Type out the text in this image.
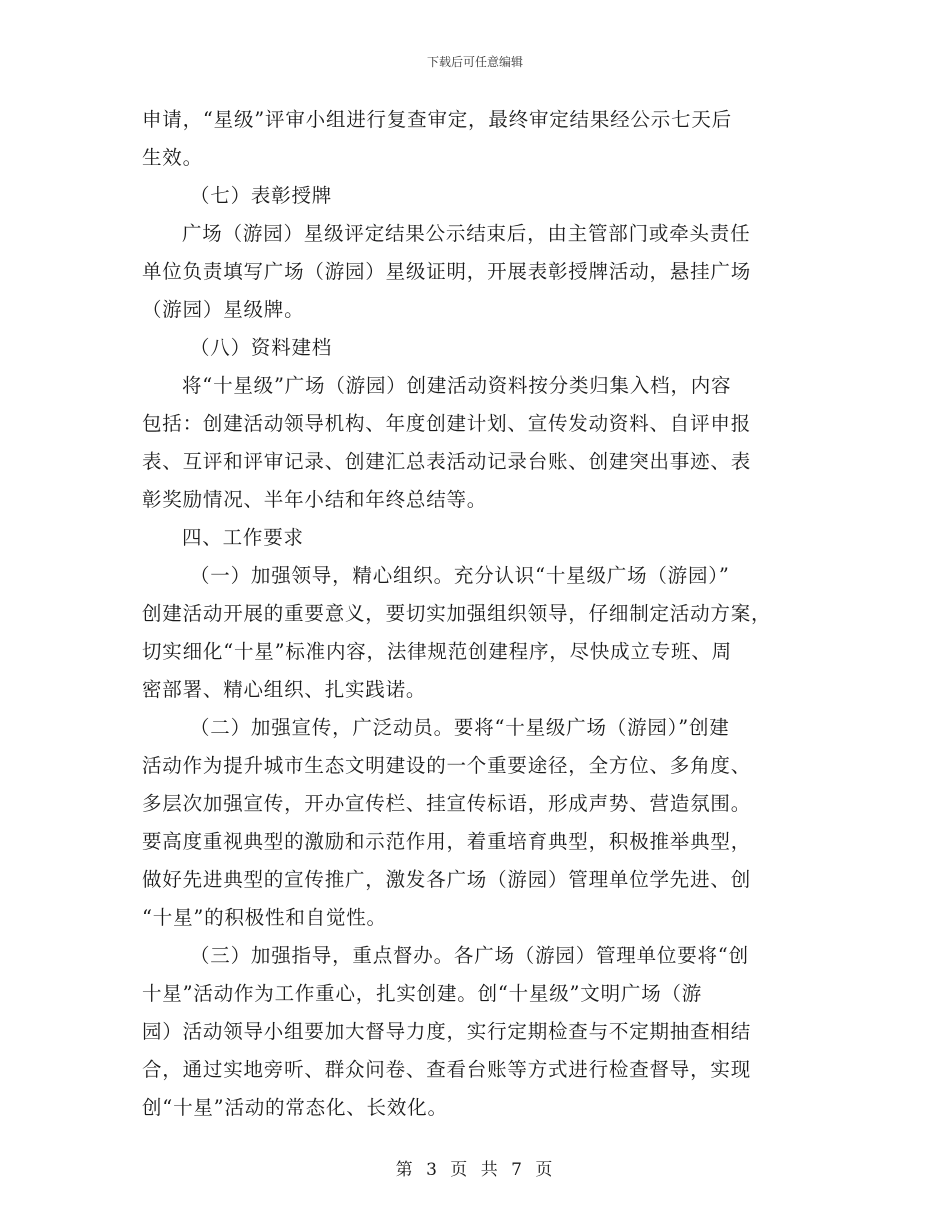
下载后可任意编辑
申请，“星级”评审小组进行复查审定，最终审定结果经公示七天后
生效。
（七）表彰授牌
广场（游园）星级评定结果公示结束后，由主管部门或牵头责任
单位负责填写广场（游园）星级证明，开展表彰授牌活动，悬挂广场
（游园）星级牌。
（八）资料建档
将“十星级”广场（游园）创建活动资料按分类归集入档，内容
包括：创建活动领导机构、年度创建计划、宣传发动资料、自评申报
表、互评和评审记录、创建汇总表活动记录台账、创建突出事迹、表
彰奖励情况、半年小结和年终总结等。
四、工作要求
（一）加强领导，精心组织。充分认识“十星级广场（游园）”
创建活动开展的重要意义，要切实加强组织领导，仔细制定活动方案，
切实细化“十星”标准内容，法律规范创建程序，尽快成立专班、周
密部署、精心组织、扎实践诺。
（二）加强宣传，广泛动员。要将“十星级广场（游园）”创建
活动作为提升城市生态文明建设的一个重要途径，全方位、多角度、
多层次加强宣传，开办宣传栏、挂宣传标语，形成声势、营造氛围。
要高度重视典型的激励和示范作用，着重培育典型，积极推举典型，
做好先进典型的宣传推广，激发各广场（游园）管理单位学先进、创
“十星”的积极性和自觉性。
（三）加强指导，重点督办。各广场（游园）管理单位要将“创
十星”活动作为工作重心，扎实创建。创“十星级”文明广场（游
园）活动领导小组要加大督导力度，实行定期检查与不定期抽查相结
合，通过实地旁听、群众问卷、查看台账等方式进行检查督导，实现
创“十星”活动的常态化、长效化。
第 3 页 共 7 页
